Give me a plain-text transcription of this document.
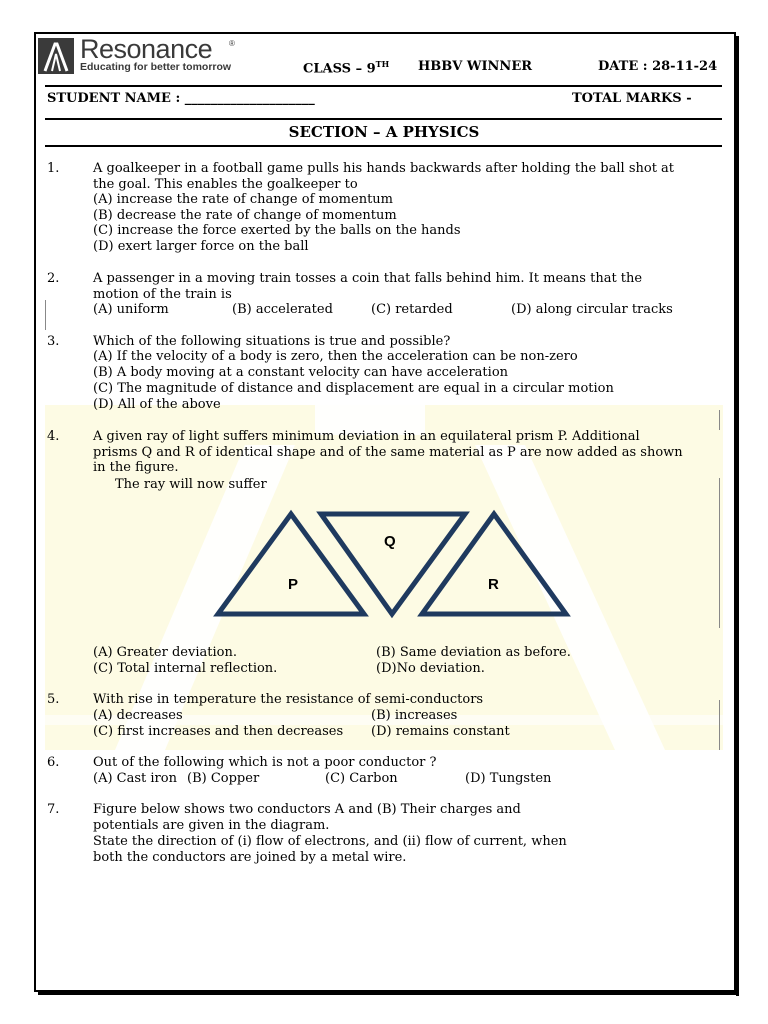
Resonance ®
Educating for better tomorrow	CLASS – 9TH HBBV WINNER	DATE : 28-11-24
STUDENT NAME : ____________________	TOTAL MARKS -
SECTION – A PHYSICS
1.	A goalkeeper in a football game pulls his hands backwards after holding the ball shot at
the goal. This enables the goalkeeper to
(A) increase the rate of change of momentum
(B) decrease the rate of change of momentum
(C) increase the force exerted by the balls on the hands
(D) exert larger force on the ball
2.	A passenger in a moving train tosses a coin that falls behind him. It means that the
motion of the train is
(A) uniform	(B) accelerated	(C) retarded	(D) along circular tracks
3.	Which of the following situations is true and possible?
(A) If the velocity of a body is zero, then the acceleration can be non-zero
(B) A body moving at a constant velocity can have acceleration
(C) The magnitude of distance and displacement are equal in a circular motion
(D) All of the above
4.	A given ray of light suffers minimum deviation in an equilateral prism P. Additional
prisms Q and R of identical shape and of the same material as P are now added as shown
in the figure.
The ray will now suffer
P
Q
R
(A) Greater deviation.	(B) Same deviation as before.
(C) Total internal reflection.	(D)No deviation.
5.	With rise in temperature the resistance of semi-conductors
(A) decreases	(B) increases
(C) first increases and then decreases (D) remains constant
6.	Out of the following which is not a poor conductor ?
(A) Cast iron (B) Copper	(C) Carbon	(D) Tungsten
7.	Figure below shows two conductors A and (B) Their charges and
potentials are given in the diagram.
State the direction of (i) flow of electrons, and (ii) flow of current, when
both the conductors are joined by a metal wire.
